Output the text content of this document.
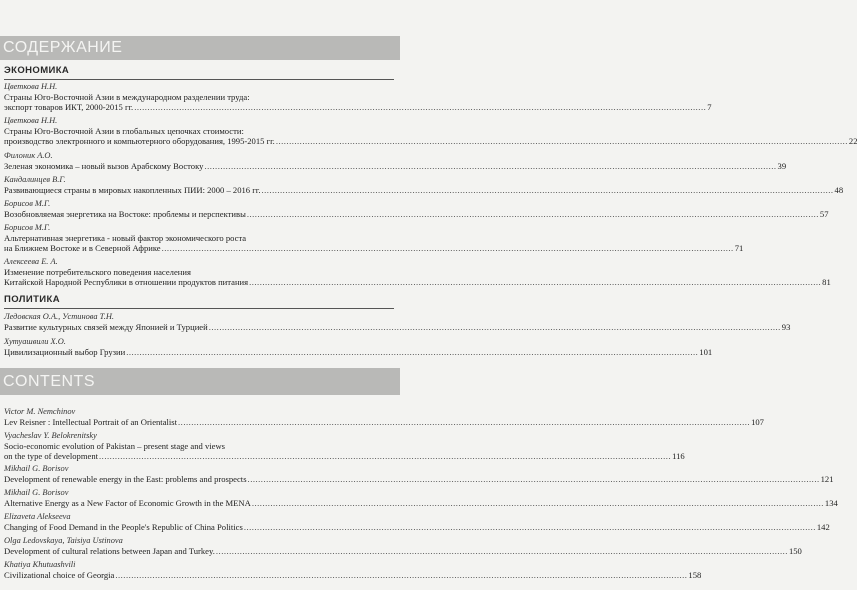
СОДЕРЖАНИЕ
ЭКОНОМИКА
Цветкова Н.Н.
Страны Юго-Восточной Азии в международном разделении труда:
экспорт товаров ИКТ, 2000-2015 гг. .....	7
Цветкова Н.Н.
Страны Юго-Восточной Азии в глобальных цепочках стоимости:
производство электронного и компьютерного оборудования, 1995-2015 гг. .....	22
Филоник А.О.
Зеленая экономика – новый вызов Арабскому Востоку .....	39
Кандалинцев В.Г.
Развивающиеся страны в мировых накопленных ПИИ: 2000 – 2016 гг. .....	48
Борисов М.Г.
Возобновляемая энергетика на Востоке: проблемы и перспективы .....	57
Борисов М.Г.
Альтернативная энергетика - новый фактор экономического роста
на Ближнем Востоке и в Северной Африке .....	71
Алексеева Е. А.
Изменение потребительского поведения населения
Китайской Народной Республики в отношении продуктов питания .....	81
ПОЛИТИКА
Ледовская О.А., Устинова Т.Н.
Развитие культурных связей между Японией и Турцией .....	93
Хутуашвили Х.О.
Цивилизационный выбор Грузии .....	101
CONTENTS
Victor M. Nemchinov
Lev Reisner : Intellectual Portrait of an Orientalist .....	107
Vyacheslav Y. Belokrenitsky
Socio-economic evolution of Pakistan – present stage and views
on the type of development .....	116
Mikhail G. Borisov
Development of renewable energy in the East: problems and prospects .....	121
Mikhail G. Borisov
Alternative Energy as a New Factor of Economic Growth in the MENA .....	134
Elizaveta Alekseeva
Changing of Food Demand in the People's Republic of China Politics .....	142
Olga Ledovskaya, Taisiya Ustinova
Development of cultural relations between Japan and Turkey. .....	150
Khatiya Khutuashvili
Civilizational choice of Georgia .....	158
